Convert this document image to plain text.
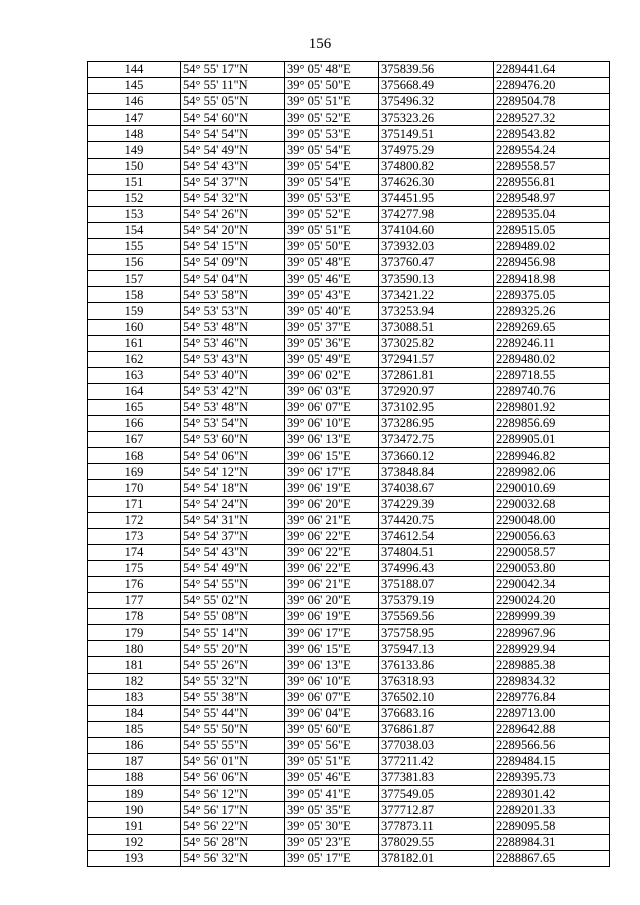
156
144	54° 55' 17"N	39° 05' 48"E	375839.56	2289441.64
145	54° 55' 11"N	39° 05' 50"E	375668.49	2289476.20
146	54° 55' 05"N	39° 05' 51"E	375496.32	2289504.78
147	54° 54' 60"N	39° 05' 52"E	375323.26	2289527.32
148	54° 54' 54"N	39° 05' 53"E	375149.51	2289543.82
149	54° 54' 49"N	39° 05' 54"E	374975.29	2289554.24
150	54° 54' 43"N	39° 05' 54"E	374800.82	2289558.57
151	54° 54' 37"N	39° 05' 54"E	374626.30	2289556.81
152	54° 54' 32"N	39° 05' 53"E	374451.95	2289548.97
153	54° 54' 26"N	39° 05' 52"E	374277.98	2289535.04
154	54° 54' 20"N	39° 05' 51"E	374104.60	2289515.05
155	54° 54' 15"N	39° 05' 50"E	373932.03	2289489.02
156	54° 54' 09"N	39° 05' 48"E	373760.47	2289456.98
157	54° 54' 04"N	39° 05' 46"E	373590.13	2289418.98
158	54° 53' 58"N	39° 05' 43"E	373421.22	2289375.05
159	54° 53' 53"N	39° 05' 40"E	373253.94	2289325.26
160	54° 53' 48"N	39° 05' 37"E	373088.51	2289269.65
161	54° 53' 46"N	39° 05' 36"E	373025.82	2289246.11
162	54° 53' 43"N	39° 05' 49"E	372941.57	2289480.02
163	54° 53' 40"N	39° 06' 02"E	372861.81	2289718.55
164	54° 53' 42"N	39° 06' 03"E	372920.97	2289740.76
165	54° 53' 48"N	39° 06' 07"E	373102.95	2289801.92
166	54° 53' 54"N	39° 06' 10"E	373286.95	2289856.69
167	54° 53' 60"N	39° 06' 13"E	373472.75	2289905.01
168	54° 54' 06"N	39° 06' 15"E	373660.12	2289946.82
169	54° 54' 12"N	39° 06' 17"E	373848.84	2289982.06
170	54° 54' 18"N	39° 06' 19"E	374038.67	2290010.69
171	54° 54' 24"N	39° 06' 20"E	374229.39	2290032.68
172	54° 54' 31"N	39° 06' 21"E	374420.75	2290048.00
173	54° 54' 37"N	39° 06' 22"E	374612.54	2290056.63
174	54° 54' 43"N	39° 06' 22"E	374804.51	2290058.57
175	54° 54' 49"N	39° 06' 22"E	374996.43	2290053.80
176	54° 54' 55"N	39° 06' 21"E	375188.07	2290042.34
177	54° 55' 02"N	39° 06' 20"E	375379.19	2290024.20
178	54° 55' 08"N	39° 06' 19"E	375569.56	2289999.39
179	54° 55' 14"N	39° 06' 17"E	375758.95	2289967.96
180	54° 55' 20"N	39° 06' 15"E	375947.13	2289929.94
181	54° 55' 26"N	39° 06' 13"E	376133.86	2289885.38
182	54° 55' 32"N	39° 06' 10"E	376318.93	2289834.32
183	54° 55' 38"N	39° 06' 07"E	376502.10	2289776.84
184	54° 55' 44"N	39° 06' 04"E	376683.16	2289713.00
185	54° 55' 50"N	39° 05' 60"E	376861.87	2289642.88
186	54° 55' 55"N	39° 05' 56"E	377038.03	2289566.56
187	54° 56' 01"N	39° 05' 51"E	377211.42	2289484.15
188	54° 56' 06"N	39° 05' 46"E	377381.83	2289395.73
189	54° 56' 12"N	39° 05' 41"E	377549.05	2289301.42
190	54° 56' 17"N	39° 05' 35"E	377712.87	2289201.33
191	54° 56' 22"N	39° 05' 30"E	377873.11	2289095.58
192	54° 56' 28"N	39° 05' 23"E	378029.55	2288984.31
193	54° 56' 32"N	39° 05' 17"E	378182.01	2288867.65
